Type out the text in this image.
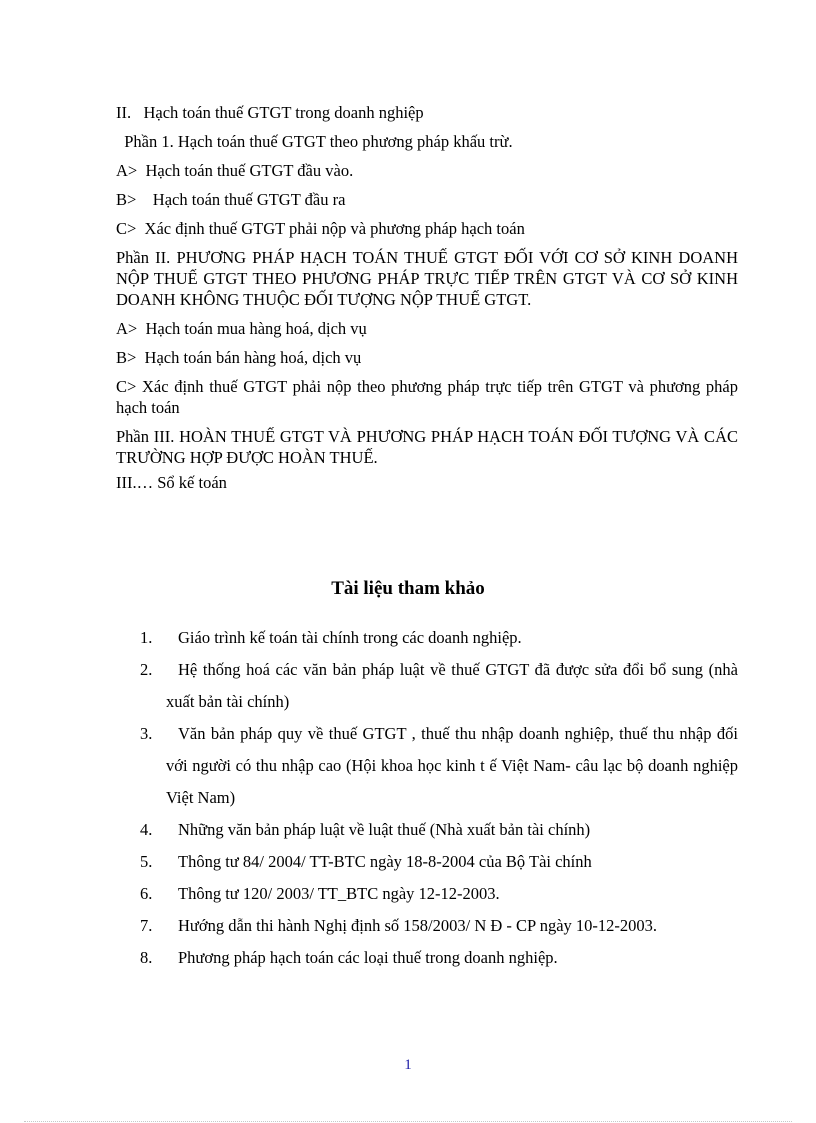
II.   Hạch toán thuế GTGT trong doanh nghiệp

Phần 1. Hạch toán thuế GTGT theo phương pháp khấu trừ.

A>  Hạch toán thuế GTGT đầu vào.

B>    Hạch toán thuế GTGT đầu ra

C>  Xác định thuế GTGT phải nộp và phương pháp hạch toán

Phần II. PHƯƠNG PHÁP HẠCH TOÁN THUẾ GTGT ĐỐI VỚI CƠ SỞ KINH DOANH NỘP THUẾ GTGT THEO PHƯƠNG PHÁP TRỰC TIẾP TRÊN GTGT VÀ CƠ SỞ KINH DOANH KHÔNG THUỘC ĐỐI TƯỢNG NỘP THUẾ GTGT.

A>  Hạch toán mua hàng hoá, dịch vụ

B>  Hạch toán bán hàng hoá, dịch vụ

C> Xác định thuế GTGT phải nộp theo phương pháp trực tiếp trên GTGT và phương pháp hạch toán

Phần III. HOÀN THUẾ GTGT VÀ PHƯƠNG PHÁP HẠCH TOÁN ĐỐI TƯỢNG VÀ CÁC TRƯỜNG HỢP ĐƯỢC HOÀN THUẾ.

III.… Sổ kế toán

Tài liệu tham khảo
1. Giáo trình kế toán tài chính trong các doanh nghiệp.
2. Hệ thống hoá các văn bản pháp luật về thuế GTGT đã được sửa đổi bổ sung (nhà xuất bản tài chính)
3. Văn bản pháp quy về thuế GTGT , thuế thu nhập doanh nghiệp, thuế thu nhập đối với người có thu nhập cao (Hội khoa học kinh t ế Việt Nam- câu lạc bộ doanh nghiệp Việt Nam)
4. Những văn bản pháp luật về luật thuế (Nhà xuất bản tài chính)
5. Thông tư 84/ 2004/ TT-BTC ngày 18-8-2004 của Bộ Tài chính
6. Thông tư 120/ 2003/ TT_BTC ngày 12-12-2003.
7. Hướng dẫn thi hành Nghị định số 158/2003/ N Đ - CP ngày 10-12-2003.
8. Phương pháp hạch toán các loại thuế trong doanh nghiệp.
1
